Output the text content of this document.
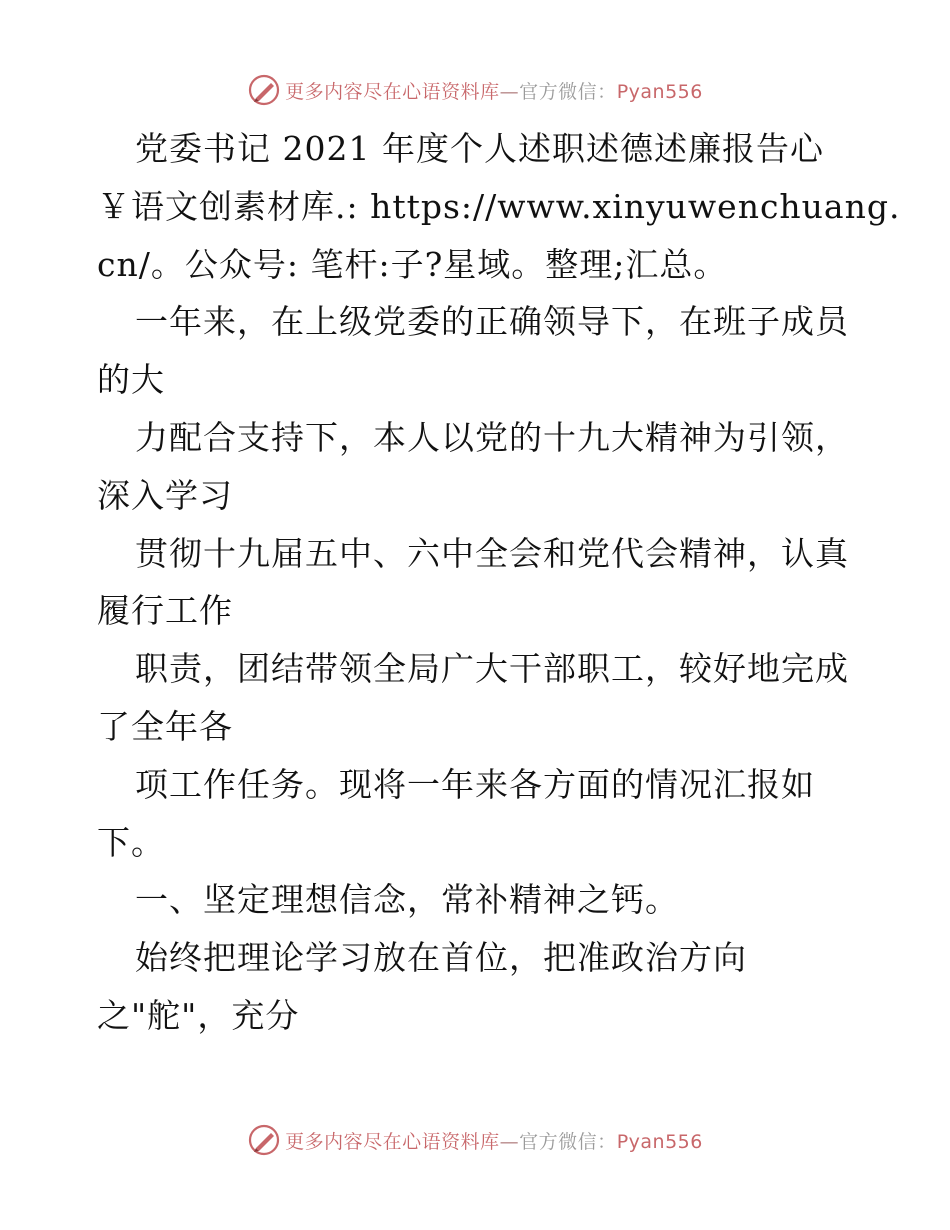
更多内容尽在心语资料库—官方微信：Pyan556
党委书记 2021 年度个人述职述德述廉报告心
￥语文创素材库.: https://www.xinyuwenchuang.
cn/。公众号: 笔杆:子?星域。整理;汇总。
一年来，在上级党委的正确领导下，在班子成员
的大
力配合支持下，本人以党的十九大精神为引领，
深入学习
贯彻十九届五中、六中全会和党代会精神，认真
履行工作
职责，团结带领全局广大干部职工，较好地完成
了全年各
项工作任务。现将一年来各方面的情况汇报如
下。
一、坚定理想信念，常补精神之钙。
始终把理论学习放在首位，把准政治方向
之"舵"，充分
更多内容尽在心语资料库—官方微信：Pyan556
